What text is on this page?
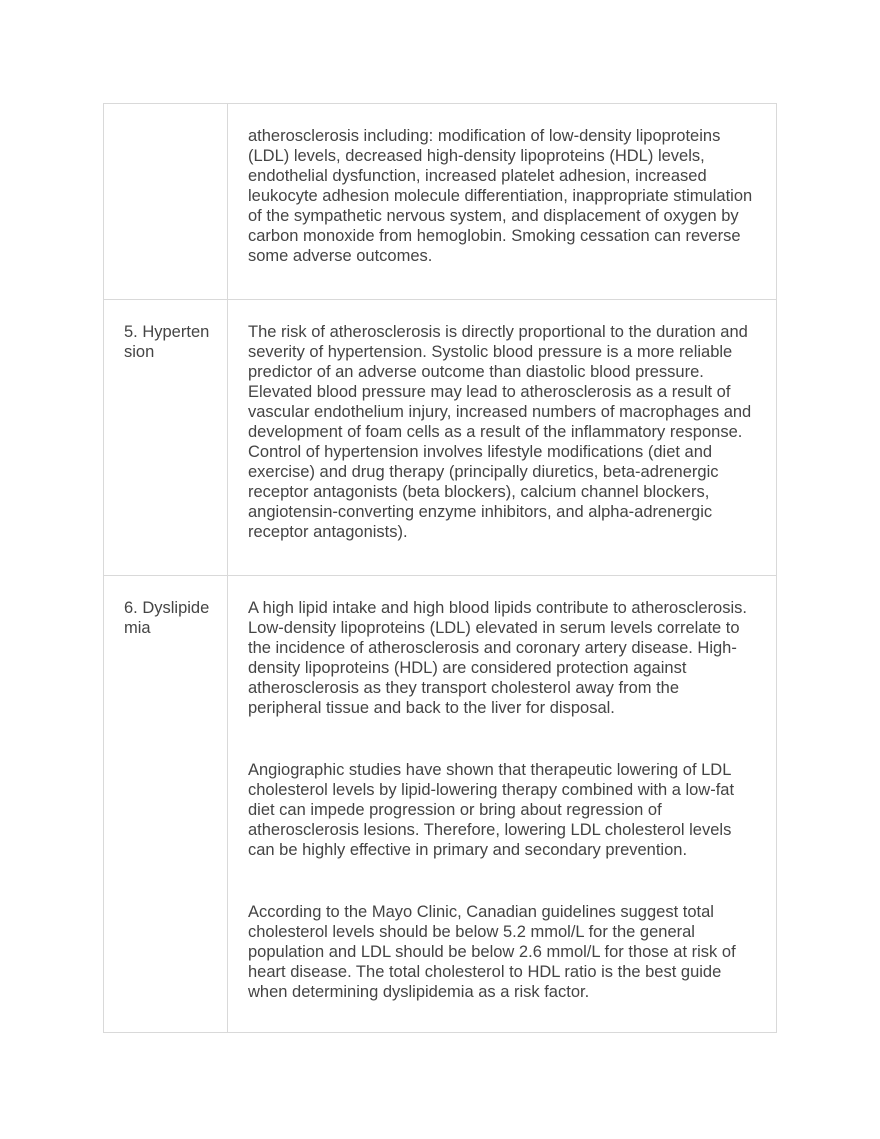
	atherosclerosis including: modification of low-density lipoproteins (LDL) levels, decreased high-density lipoproteins (HDL) levels, endothelial dysfunction, increased platelet adhesion, increased leukocyte adhesion molecule differentiation, inappropriate stimulation of the sympathetic nervous system, and displacement of oxygen by carbon monoxide from hemoglobin. Smoking cessation can reverse some adverse outcomes.

5. Hypertension	The risk of atherosclerosis is directly proportional to the duration and severity of hypertension. Systolic blood pressure is a more reliable predictor of an adverse outcome than diastolic blood pressure. Elevated blood pressure may lead to atherosclerosis as a result of vascular endothelium injury, increased numbers of macrophages and development of foam cells as a result of the inflammatory response. Control of hypertension involves lifestyle modifications (diet and exercise) and drug therapy (principally diuretics, beta-adrenergic receptor antagonists (beta blockers), calcium channel blockers, angiotensin-converting enzyme inhibitors, and alpha-adrenergic receptor antagonists).

6. Dyslipidemia	A high lipid intake and high blood lipids contribute to atherosclerosis. Low-density lipoproteins (LDL) elevated in serum levels correlate to the incidence of atherosclerosis and coronary artery disease. High-density lipoproteins (HDL) are considered protection against atherosclerosis as they transport cholesterol away from the peripheral tissue and back to the liver for disposal.

Angiographic studies have shown that therapeutic lowering of LDL cholesterol levels by lipid-lowering therapy combined with a low-fat diet can impede progression or bring about regression of atherosclerosis lesions. Therefore, lowering LDL cholesterol levels can be highly effective in primary and secondary prevention.

According to the Mayo Clinic, Canadian guidelines suggest total cholesterol levels should be below 5.2 mmol/L for the general population and LDL should be below 2.6 mmol/L for those at risk of heart disease. The total cholesterol to HDL ratio is the best guide when determining dyslipidemia as a risk factor.
